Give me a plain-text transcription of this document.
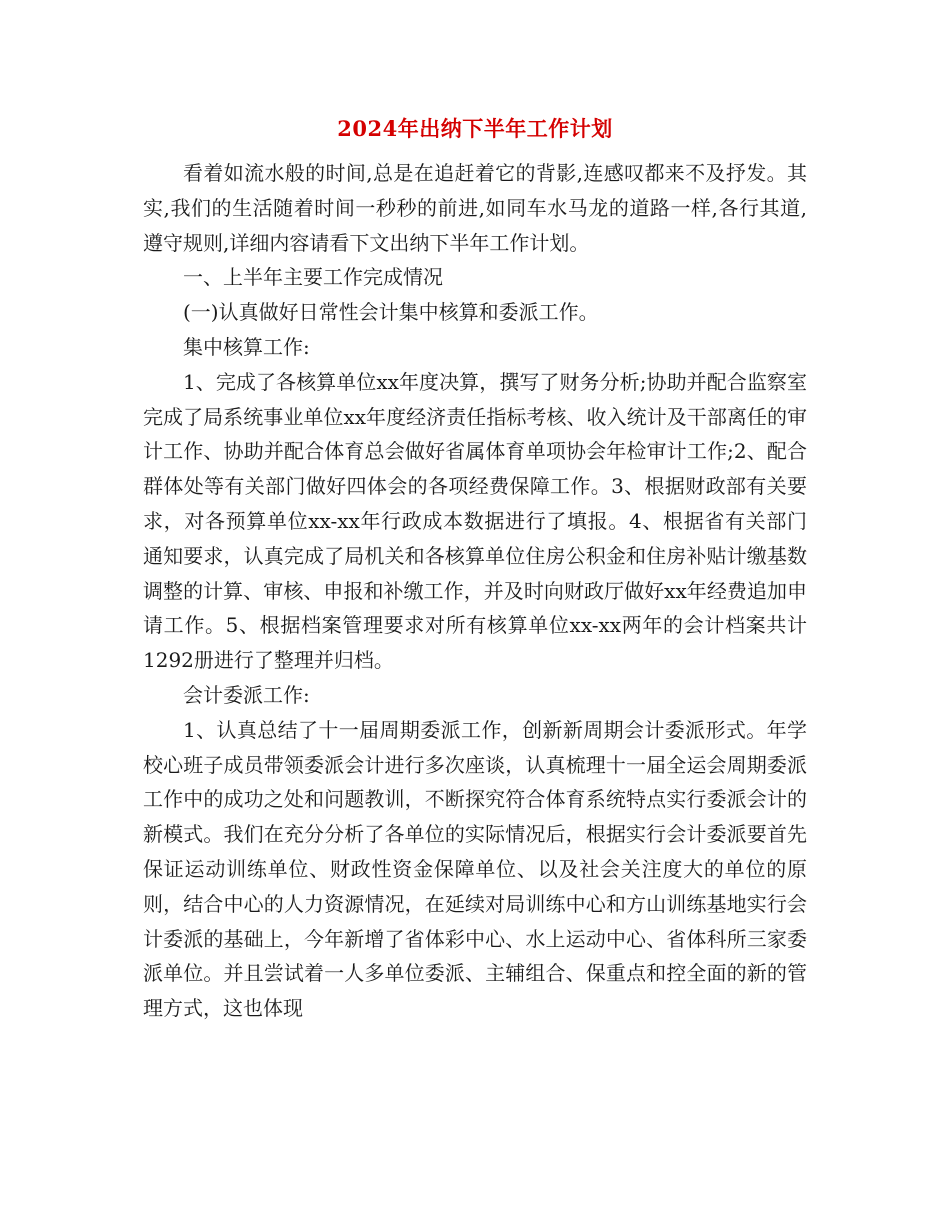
2024年出纳下半年工作计划

看着如流水般的时间,总是在追赶着它的背影,连感叹都来不及抒发。其实,我们的生活随着时间一秒秒的前进,如同车水马龙的道路一样,各行其道,遵守规则,详细内容请看下文出纳下半年工作计划。

一、上半年主要工作完成情况

(一)认真做好日常性会计集中核算和委派工作。

集中核算工作:

1、完成了各核算单位xx年度决算，撰写了财务分析;协助并配合监察室完成了局系统事业单位xx年度经济责任指标考核、收入统计及干部离任的审计工作、协助并配合体育总会做好省属体育单项协会年检审计工作;2、配合群体处等有关部门做好四体会的各项经费保障工作。3、根据财政部有关要求，对各预算单位xx-xx年行政成本数据进行了填报。4、根据省有关部门通知要求，认真完成了局机关和各核算单位住房公积金和住房补贴计缴基数调整的计算、审核、申报和补缴工作，并及时向财政厅做好xx年经费追加申请工作。5、根据档案管理要求对所有核算单位xx-xx两年的会计档案共计1292册进行了整理并归档。

会计委派工作:

1、认真总结了十一届周期委派工作，创新新周期会计委派形式。年学校心班子成员带领委派会计进行多次座谈，认真梳理十一届全运会周期委派工作中的成功之处和问题教训，不断探究符合体育系统特点实行委派会计的新模式。我们在充分分析了各单位的实际情况后，根据实行会计委派要首先保证运动训练单位、财政性资金保障单位、以及社会关注度大的单位的原则，结合中心的人力资源情况，在延续对局训练中心和方山训练基地实行会计委派的基础上，今年新增了省体彩中心、水上运动中心、省体科所三家委派单位。并且尝试着一人多单位委派、主辅组合、保重点和控全面的新的管理方式，这也体现
